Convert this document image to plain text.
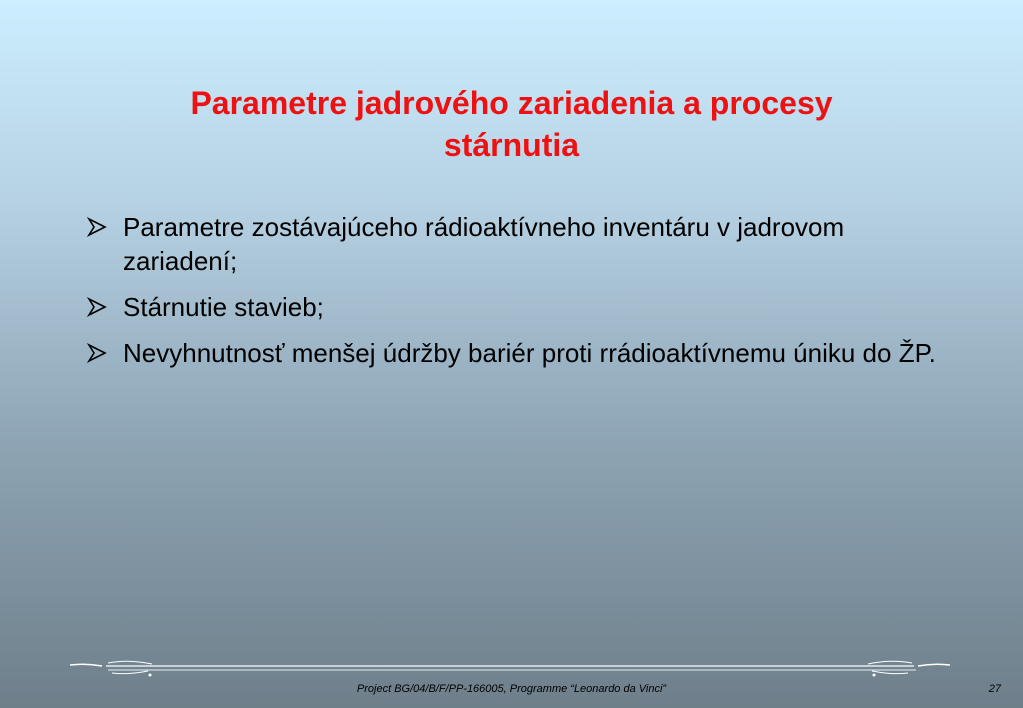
Parametre jadrového zariadenia a procesy
stárnutia
Parametre zostávajúceho rádioaktívneho inventáru v jadrovom zariadení;
Stárnutie stavieb;
Nevyhnutnosť menšej údržby bariér proti rrádioaktívnemu úniku do ŽP.
Project BG/04/B/F/PP-166005, Programme “Leonardo da Vinci”	27
